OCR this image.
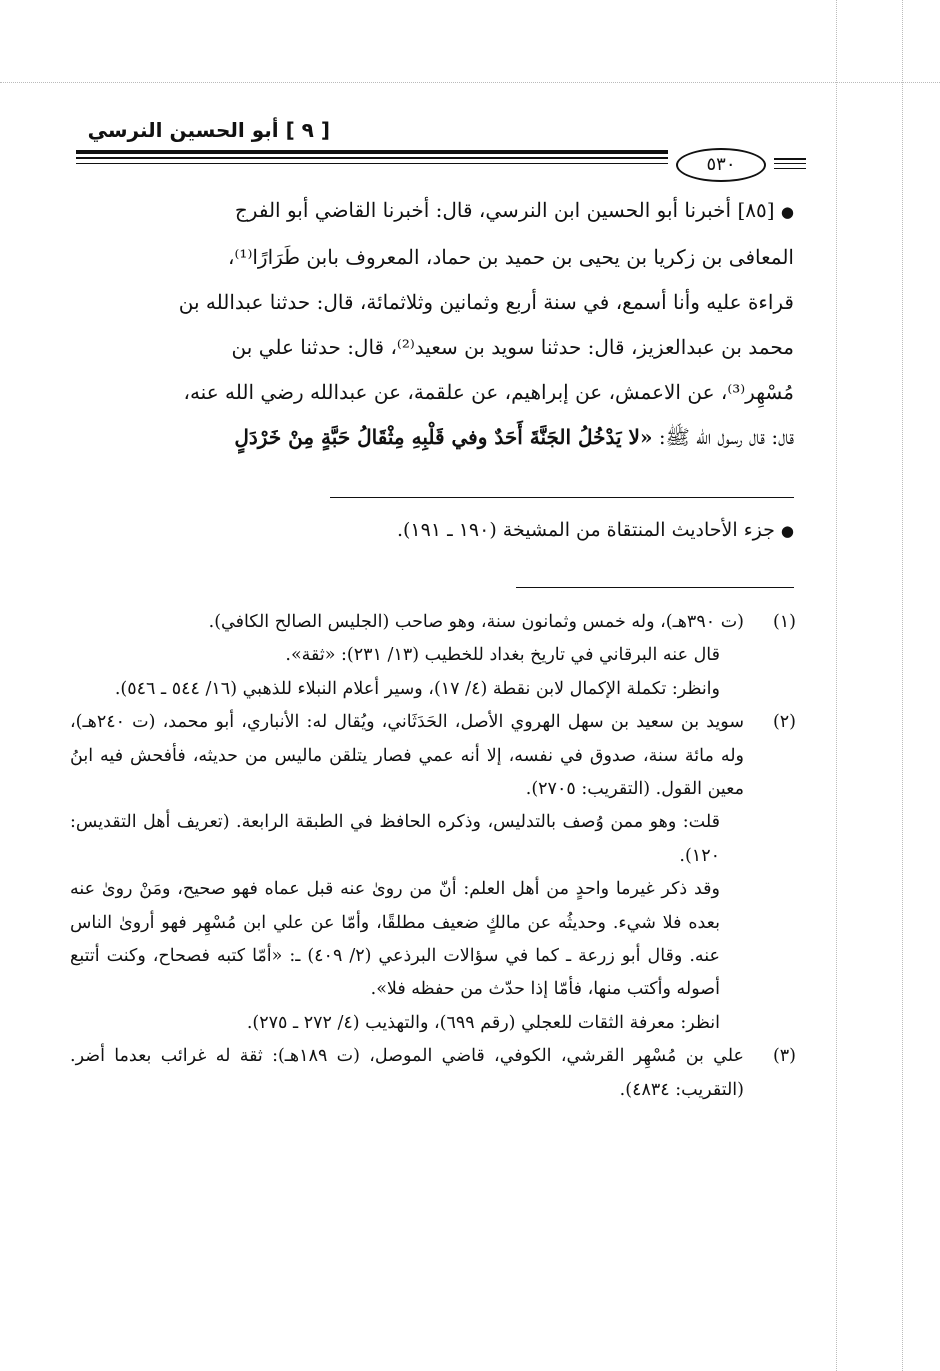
[ ٩ ] أبو الحسين النرسي
٥٣٠

● [٨٥] أخبرنا أبو الحسين ابن النرسي، قال: أخبرنا القاضي أبو الفرج

المعافى بن زكريا بن يحيى بن حميد بن حماد، المعروف بابن طَرَارًا⁽¹⁾،

قراءة عليه وأنا أسمع، في سنة أربع وثمانين وثلاثمائة، قال: حدثنا عبدالله بن

محمد بن عبدالعزيز، قال: حدثنا سويد بن سعيد⁽²⁾، قال: حدثنا علي بن

مُسْهِر⁽³⁾، عن الاعمش، عن إبراهيم، عن علقمة، عن عبدالله رضي الله عنه،

قال: قال رسول الله ﷺ: «لا يَدْخُلُ الجَنَّةَ أَحَدٌ وفي قَلْبِهِ مِثْقَالُ حَبَّةٍ مِنْ خَرْدَلٍ

● جزء الأحاديث المنتقاة من المشيخة (١٩٠ ـ ١٩١).
(١)

(ت ٣٩٠هـ)، وله خمس وثمانون سنة، وهو صاحب (الجليس الصالح الكافي).

قال عنه البرقاني في تاريخ بغداد للخطيب (١٣/ ٢٣١): «ثقة».

وانظر: تكملة الإكمال لابن نقطة (٤/ ١٧)، وسير أعلام النبلاء للذهبي (١٦/ ٥٤٤ ـ ٥٤٦).

(٢)

سويد بن سعيد بن سهل الهروي الأصل، الحَدَثَاني، ويُقال له: الأنباري، أبو محمد، (ت ٢٤٠هـ)، وله مائة سنة، صدوق في نفسه، إلا أنه عمي فصار يتلقن ماليس من حديثه، فأفحش فيه ابنُ معين القول. (التقريب: ٢٧٠٥).

قلت: وهو ممن وُصف بالتدليس، وذكره الحافظ في الطبقة الرابعة. (تعريف أهل التقديس: ١٢٠).

وقد ذكر غيرما واحدٍ من أهل العلم: أنّ من روىٰ عنه قبل عماه فهو صحيح، ومَنْ روىٰ عنه بعده فلا شيء. وحديثُه عن مالكٍ ضعيف مطلقًا، وأمّا عن علي ابن مُسْهِر فهو أروىٰ الناس عنه. وقال أبو زرعة ـ كما في سؤالات البرذعي (٢/ ٤٠٩) ـ: «أمّا كتبه فصحاح، وكنت أتتبع أصوله وأكتب منها، فأمّا إذا حدّث من حفظه فلا».

انظر: معرفة الثقات للعجلي (رقم ٦٩٩)، والتهذيب (٤/ ٢٧٢ ـ ٢٧٥).

(٣)

علي بن مُسْهِر القرشي، الكوفي، قاضي الموصل، (ت ١٨٩هـ): ثقة له غرائب بعدما أضر. (التقريب: ٤٨٣٤).
